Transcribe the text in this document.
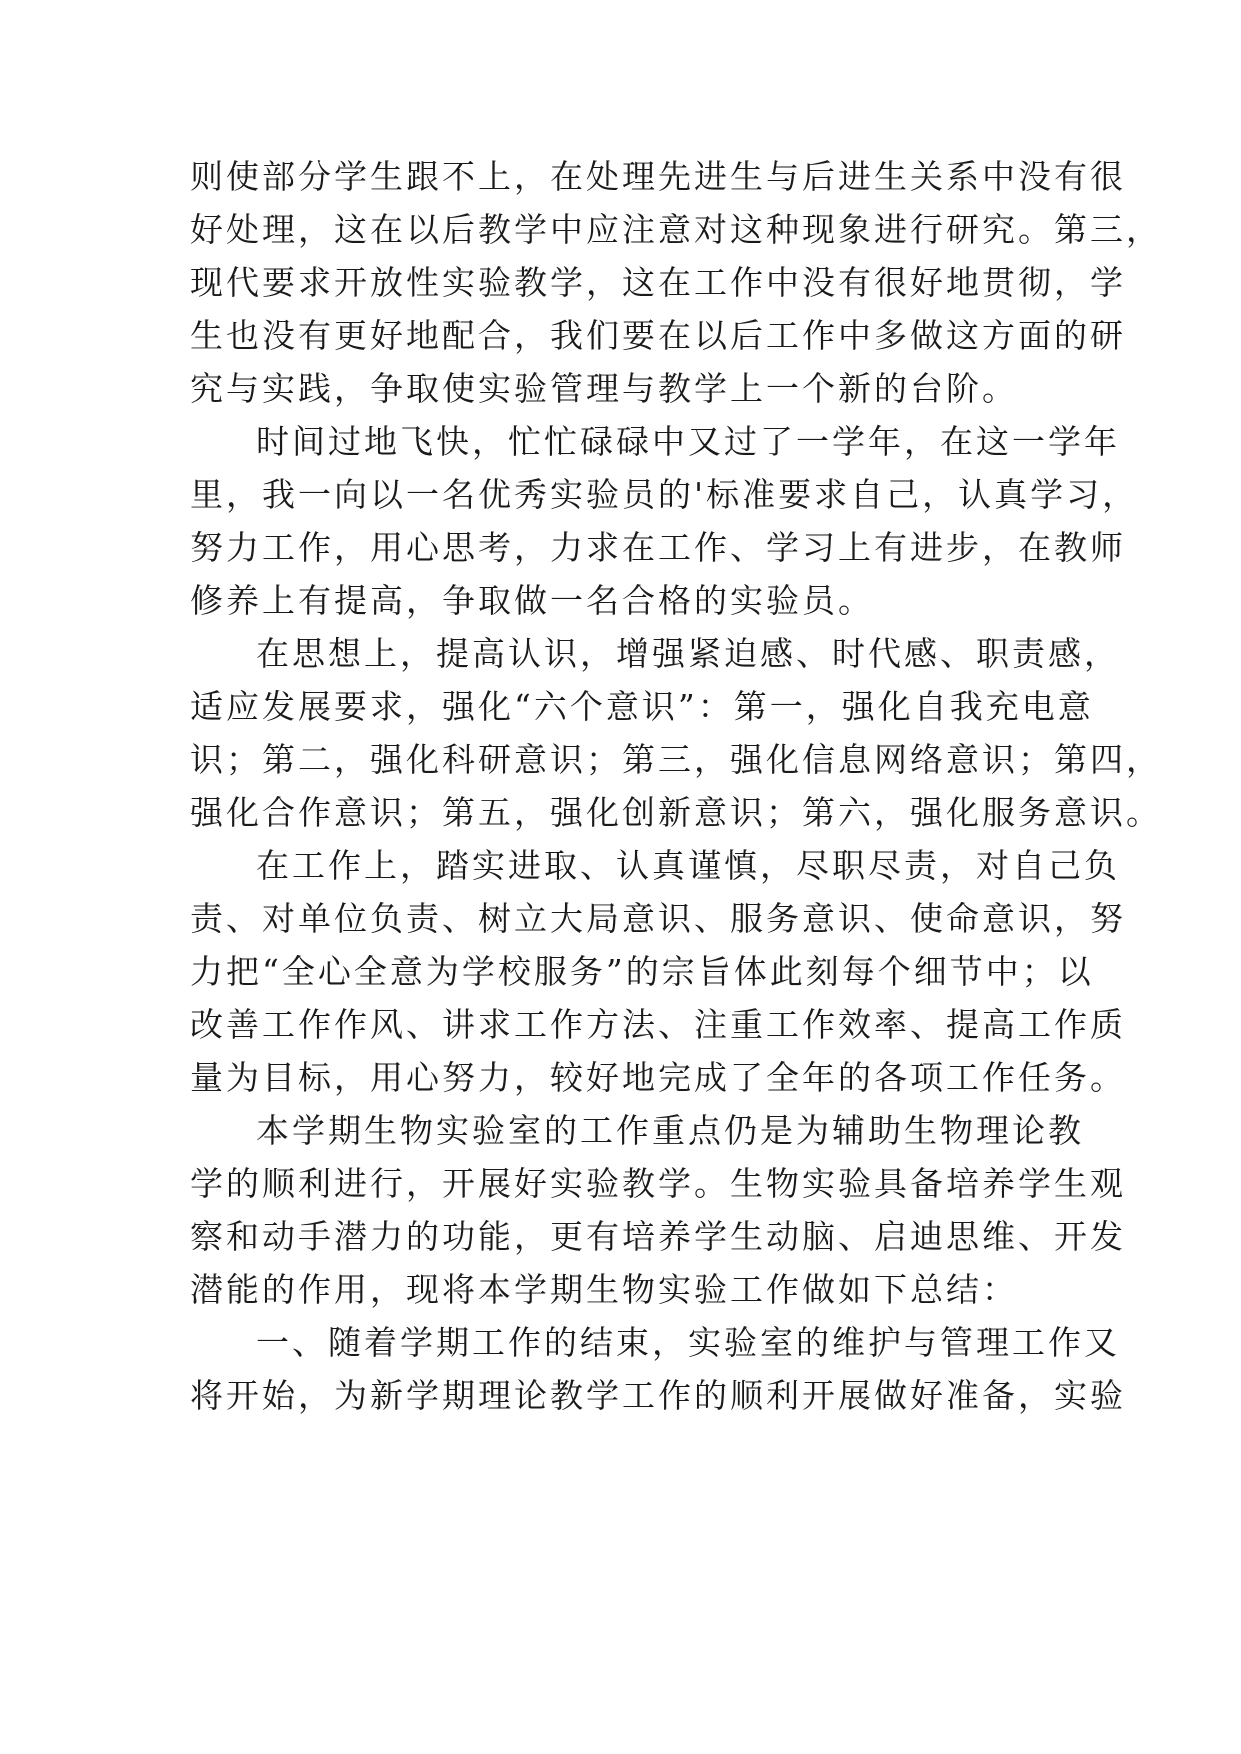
则使部分学生跟不上，在处理先进生与后进生关系中没有很
好处理，这在以后教学中应注意对这种现象进行研究。第三，
现代要求开放性实验教学，这在工作中没有很好地贯彻，学
生也没有更好地配合，我们要在以后工作中多做这方面的研
究与实践，争取使实验管理与教学上一个新的台阶。
时间过地飞快，忙忙碌碌中又过了一学年，在这一学年
里，我一向以一名优秀实验员的'标准要求自己，认真学习，
努力工作，用心思考，力求在工作、学习上有进步，在教师
修养上有提高，争取做一名合格的实验员。
在思想上，提高认识，增强紧迫感、时代感、职责感，
适应发展要求，强化“六个意识”：第一，强化自我充电意
识；第二，强化科研意识；第三，强化信息网络意识；第四，
强化合作意识；第五，强化创新意识；第六，强化服务意识。
在工作上，踏实进取、认真谨慎，尽职尽责，对自己负
责、对单位负责、树立大局意识、服务意识、使命意识，努
力把“全心全意为学校服务”的宗旨体此刻每个细节中；以
改善工作作风、讲求工作方法、注重工作效率、提高工作质
量为目标，用心努力，较好地完成了全年的各项工作任务。
本学期生物实验室的工作重点仍是为辅助生物理论教
学的顺利进行，开展好实验教学。生物实验具备培养学生观
察和动手潜力的功能，更有培养学生动脑、启迪思维、开发
潜能的作用，现将本学期生物实验工作做如下总结：
一、随着学期工作的结束，实验室的维护与管理工作又
将开始，为新学期理论教学工作的顺利开展做好准备，实验
